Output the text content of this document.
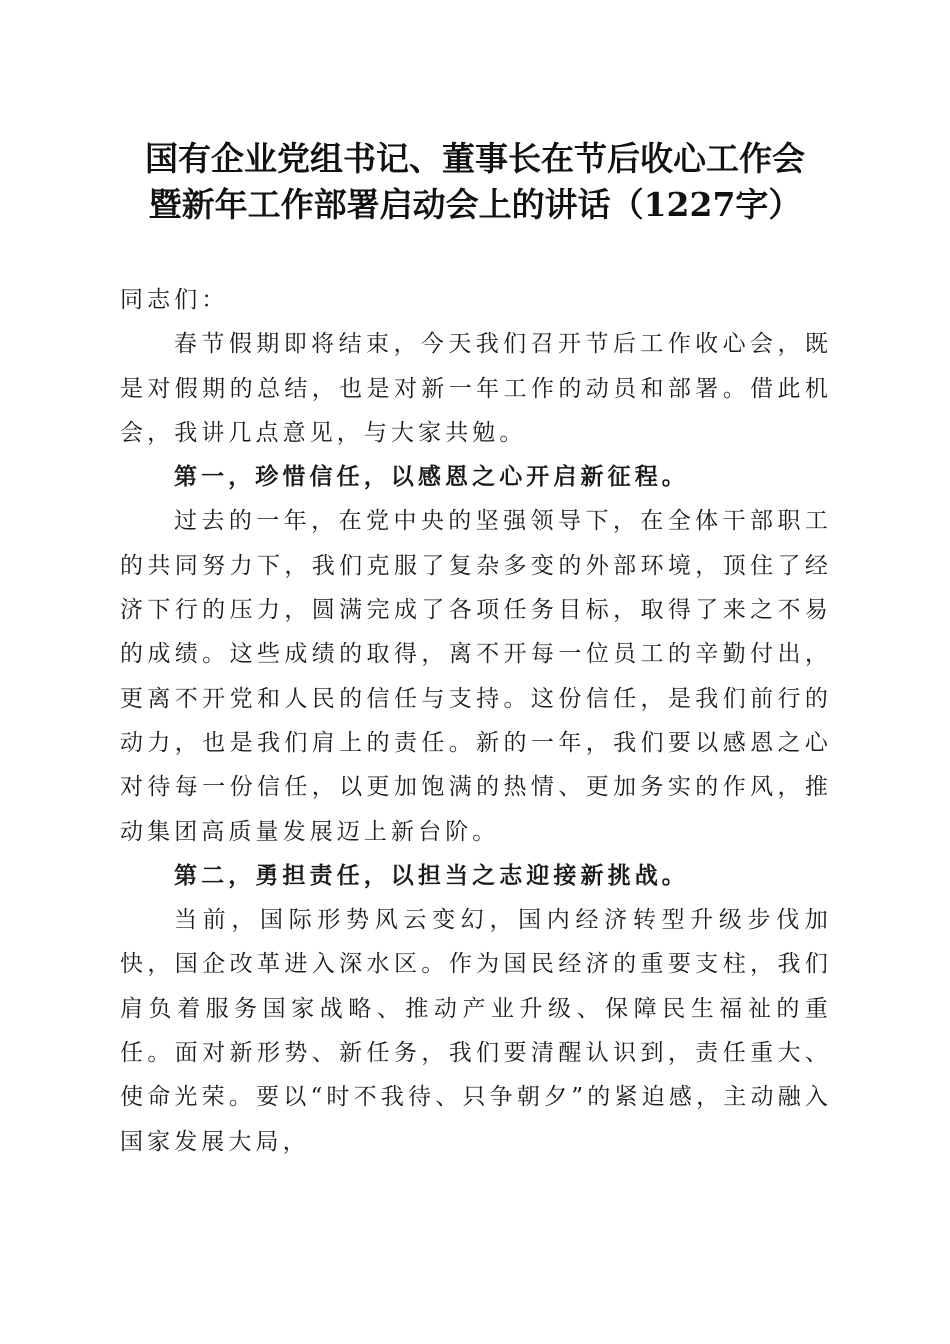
国有企业党组书记、董事长在节后收心工作会
暨新年工作部署启动会上的讲话（1227字）

同志们：

春节假期即将结束，今天我们召开节后工作收心会，既是对假期的总结，也是对新一年工作的动员和部署。借此机会，我讲几点意见，与大家共勉。

第一，珍惜信任，以感恩之心开启新征程。

过去的一年，在党中央的坚强领导下，在全体干部职工的共同努力下，我们克服了复杂多变的外部环境，顶住了经济下行的压力，圆满完成了各项任务目标，取得了来之不易的成绩。这些成绩的取得，离不开每一位员工的辛勤付出，更离不开党和人民的信任与支持。这份信任，是我们前行的动力，也是我们肩上的责任。新的一年，我们要以感恩之心对待每一份信任，以更加饱满的热情、更加务实的作风，推动集团高质量发展迈上新台阶。

第二，勇担责任，以担当之志迎接新挑战。

当前，国际形势风云变幻，国内经济转型升级步伐加快，国企改革进入深水区。作为国民经济的重要支柱，我们肩负着服务国家战略、推动产业升级、保障民生福祉的重任。面对新形势、新任务，我们要清醒认识到，责任重大、使命光荣。要以“时不我待、只争朝夕”的紧迫感，主动融入国家发展大局，
